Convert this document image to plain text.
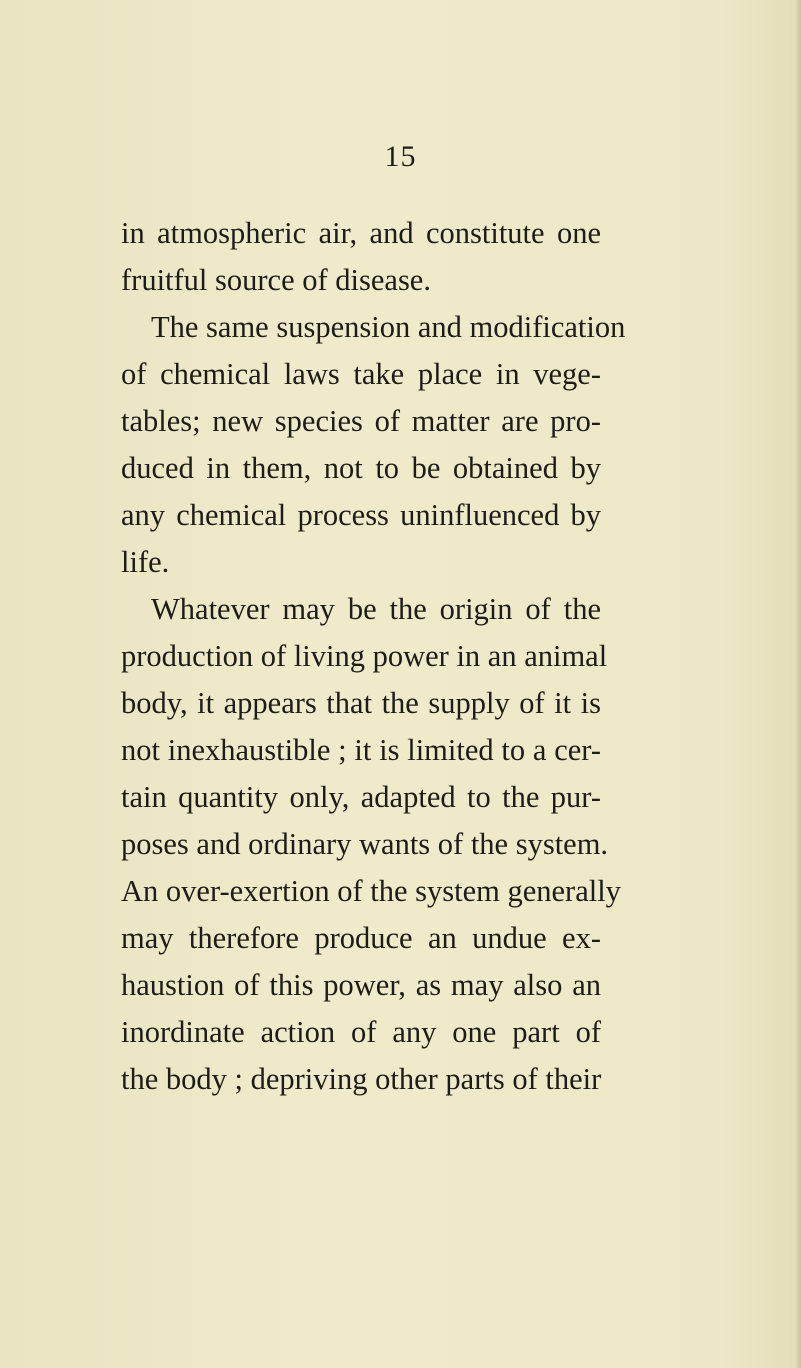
15
in atmospheric air, and constitute one
fruitful source of disease.
The same suspension and modification
of chemical laws take place in vege-
tables; new species of matter are pro-
duced in them, not to be obtained by
any chemical process uninfluenced by
life.
Whatever may be the origin of the
production of living power in an animal
body, it appears that the supply of it is
not inexhaustible ; it is limited to a cer-
tain quantity only, adapted to the pur-
poses and ordinary wants of the system.
An over-exertion of the system generally
may therefore produce an undue ex-
haustion of this power, as may also an
inordinate action of any one part of
the body ; depriving other parts of their
